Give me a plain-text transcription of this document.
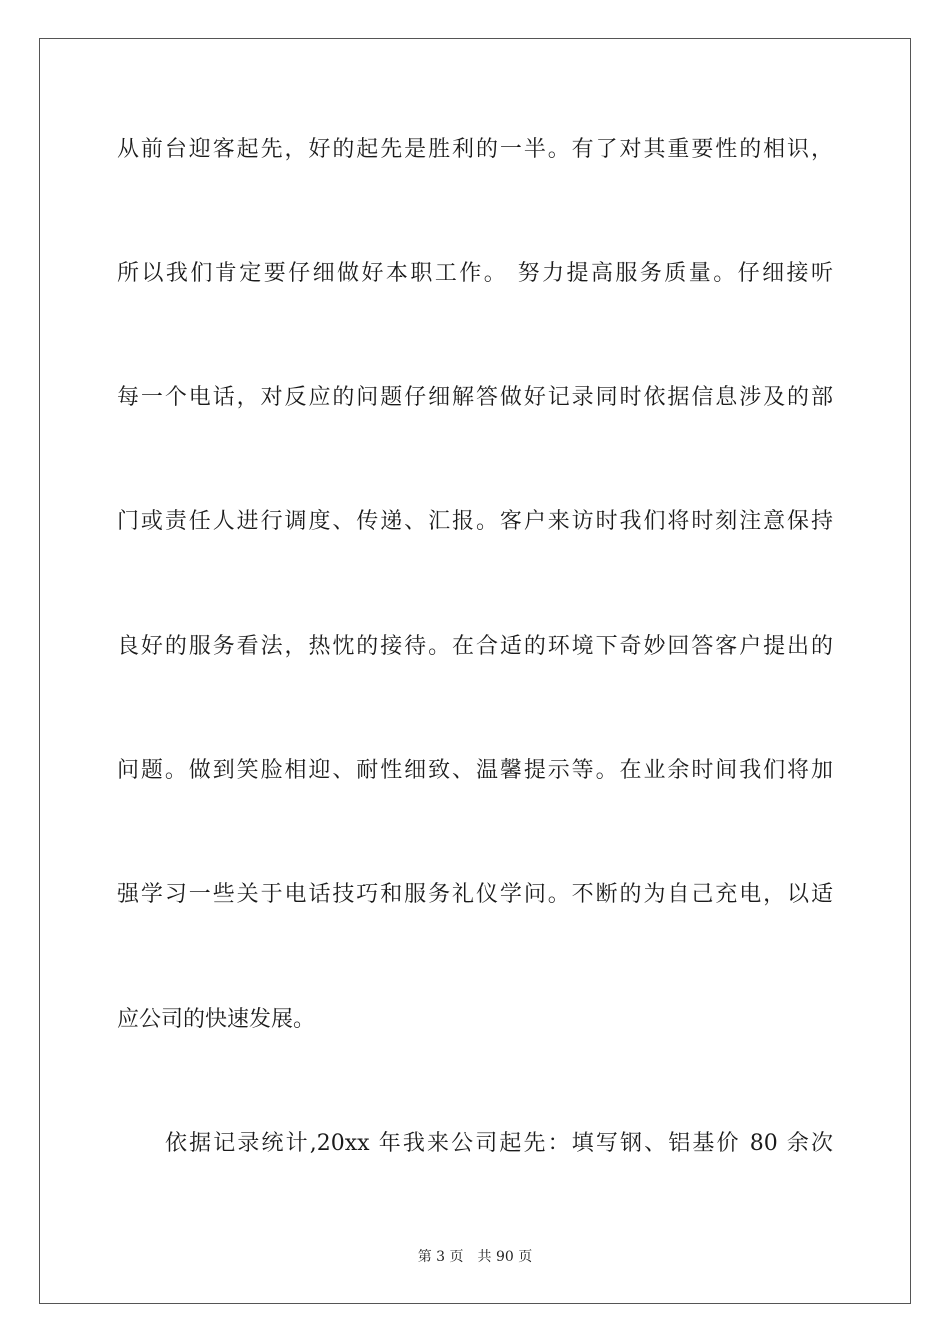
从前台迎客起先，好的起先是胜利的一半。有了对其重要性的相识，
所以我们肯定要仔细做好本职工作。 努力提高服务质量。仔细接听
每一个电话，对反应的问题仔细解答做好记录同时依据信息涉及的部
门或责任人进行调度、传递、汇报。客户来访时我们将时刻注意保持
良好的服务看法，热忱的接待。在合适的环境下奇妙回答客户提出的
问题。做到笑脸相迎、耐性细致、温馨提示等。在业余时间我们将加
强学习一些关于电话技巧和服务礼仪学问。不断的为自己充电，以适
应公司的快速发展。
依据记录统计,20xx 年我来公司起先：填写钢、铝基价 80 余次
第 3 页 共 90 页
